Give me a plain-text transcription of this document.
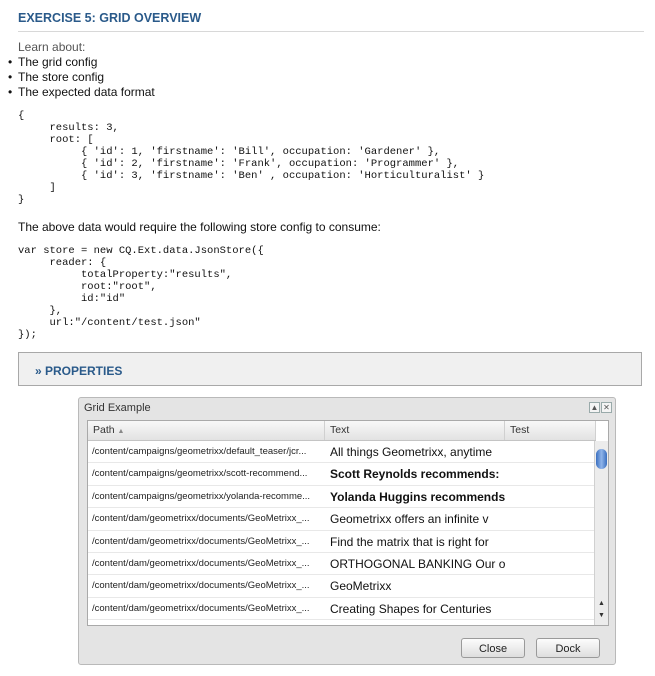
EXERCISE 5: GRID OVERVIEW
Learn about:
• The grid config
• The store config
• The expected data format
{
results: 3,
root: [
{ 'id': 1, 'firstname': 'Bill', occupation: 'Gardener' },
{ 'id': 2, 'firstname': 'Frank', occupation: 'Programmer' },
{ 'id': 3, 'firstname': 'Ben' , occupation: 'Horticulturalist' }
]
}
The above data would require the following store config to consume:
var store = new CQ.Ext.data.JsonStore({
reader: {
totalProperty:"results",
root:"root",
id:"id"
},
url:"/content/test.json"
});
» PROPERTIES
Grid Example	▲ ✕
Path ▲	Text	Test
/content/campaigns/geometrixx/default_teaser/jcr...	All things Geometrixx, anytime
/content/campaigns/geometrixx/scott-recommend...	Scott Reynolds recommends:
/content/campaigns/geometrixx/yolanda-recomme...	Yolanda Huggins recommends
/content/dam/geometrixx/documents/GeoMetrixx_...	Geometrixx offers an infinite v
/content/dam/geometrixx/documents/GeoMetrixx_...	Find the matrix that is right for
/content/dam/geometrixx/documents/GeoMetrixx_...	ORTHOGONAL BANKING Our o
/content/dam/geometrixx/documents/GeoMetrixx_...	GeoMetrixx
/content/dam/geometrixx/documents/GeoMetrixx_...	Creating Shapes for Centuries	▲
▼
Close	Dock
